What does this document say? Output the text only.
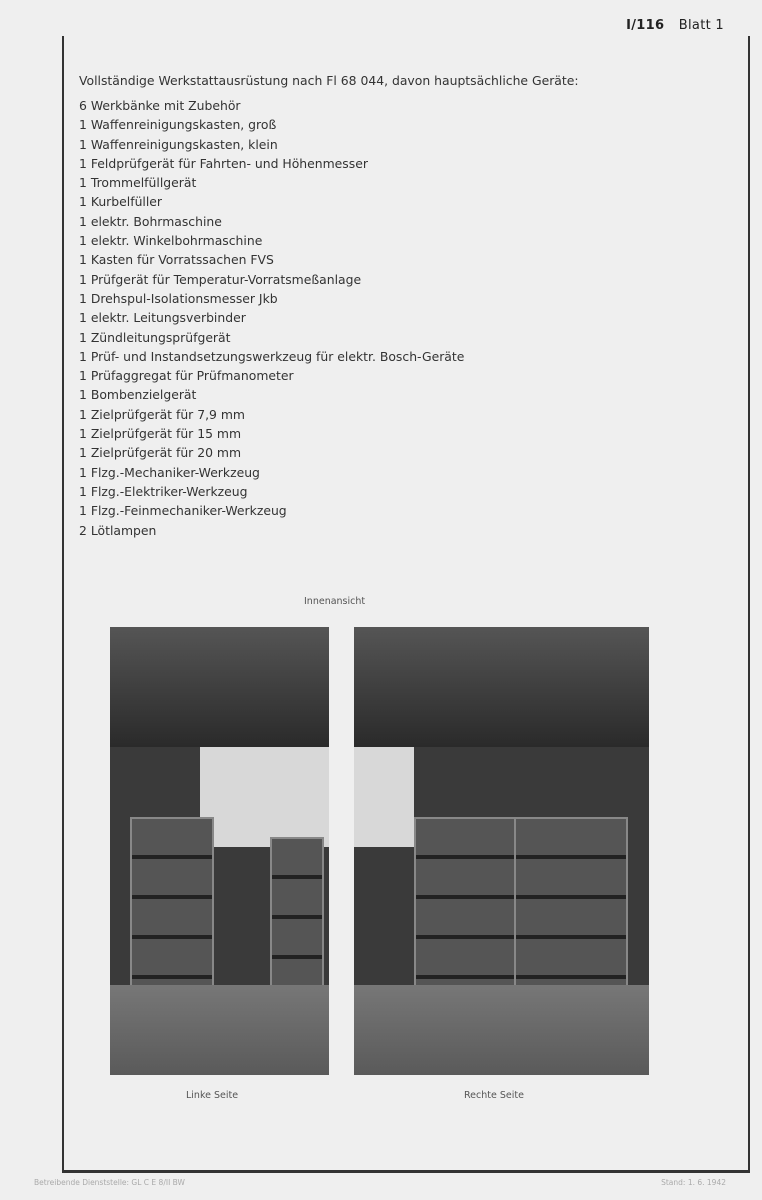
I/116 Blatt 1
Vollständige Werkstattausrüstung nach Fl 68 044, davon hauptsächliche Geräte:
6 Werkbänke mit Zubehör
1 Waffenreinigungskasten, groß
1 Waffenreinigungskasten, klein
1 Feldprüfgerät für Fahrten- und Höhenmesser
1 Trommelfüllgerät
1 Kurbelfüller
1 elektr. Bohrmaschine
1 elektr. Winkelbohrmaschine
1 Kasten für Vorratssachen FVS
1 Prüfgerät für Temperatur-Vorratsmeßanlage
1 Drehspul-Isolationsmesser Jkb
1 elektr. Leitungsverbinder
1 Zündleitungsprüfgerät
1 Prüf- und Instandsetzungswerkzeug für elektr. Bosch-Geräte
1 Prüfaggregat für Prüfmanometer
1 Bombenzielgerät
1 Zielprüfgerät für 7,9 mm
1 Zielprüfgerät für 15 mm
1 Zielprüfgerät für 20 mm
1 Flzg.-Mechaniker-Werkzeug
1 Flzg.-Elektriker-Werkzeug
1 Flzg.-Feinmechaniker-Werkzeug
2 Lötlampen
Innenansicht
Linke Seite	Rechte Seite
Betreibende Dienststelle: GL C E 8/II BW	Stand: 1. 6. 1942
